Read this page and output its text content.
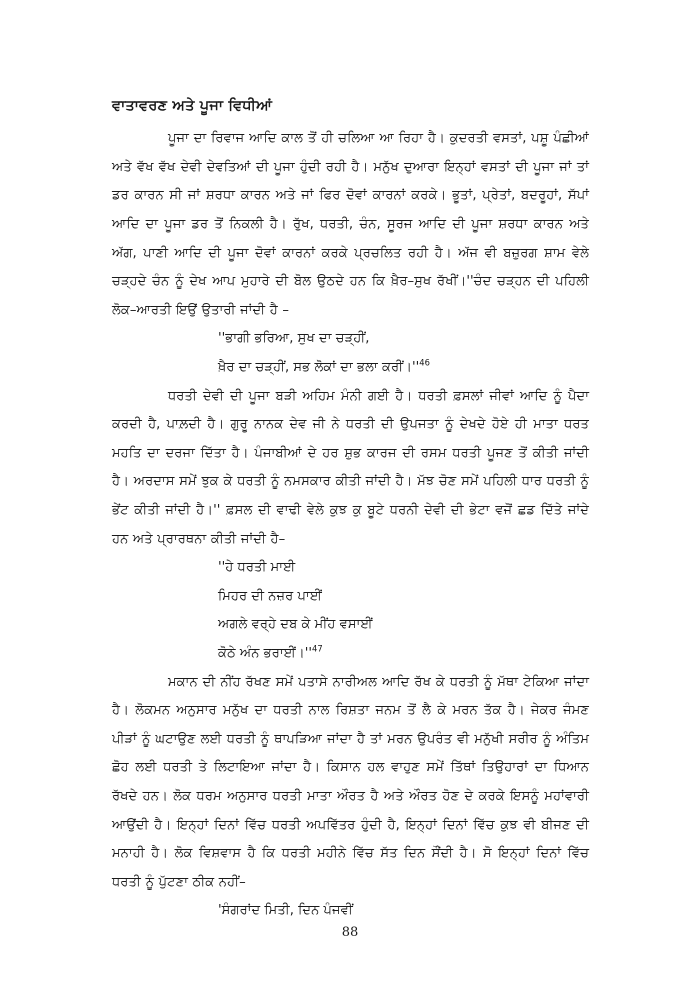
ਵਾਤਾਵਰਣ ਅਤੇ ਪੂਜਾ ਵਿਧੀਆਂ

ਪੂਜਾ ਦਾ ਰਿਵਾਜ ਆਦਿ ਕਾਲ ਤੋਂ ਹੀ ਚਲਿਆ ਆ ਰਿਹਾ ਹੈ। ਕੁਦਰਤੀ ਵਸਤਾਂ, ਪਸ਼ੂ ਪੰਛੀਆਂ ਅਤੇ ਵੱਖ ਵੱਖ ਦੇਵੀ ਦੇਵਤਿਆਂ ਦੀ ਪੂਜਾ ਹੁੰਦੀ ਰਹੀ ਹੈ। ਮਨੁੱਖ ਦੁਆਰਾ ਇਨ੍ਹਾਂ ਵਸਤਾਂ ਦੀ ਪੂਜਾ ਜਾਂ ਤਾਂ ਡਰ ਕਾਰਨ ਸੀ ਜਾਂ ਸ਼ਰਧਾ ਕਾਰਨ ਅਤੇ ਜਾਂ ਫਿਰ ਦੋਵਾਂ ਕਾਰਨਾਂ ਕਰਕੇ। ਭੂਤਾਂ, ਪ੍ਰੇਤਾਂ, ਬਦਰੂਹਾਂ, ਸੱਪਾਂ ਆਦਿ ਦਾ ਪੂਜਾ ਡਰ ਤੋਂ ਨਿਕਲੀ ਹੈ। ਰੁੱਖ, ਧਰਤੀ, ਚੰਨ, ਸੂਰਜ ਆਦਿ ਦੀ ਪੂਜਾ ਸ਼ਰਧਾ ਕਾਰਨ ਅਤੇ ਅੱਗ, ਪਾਣੀ ਆਦਿ ਦੀ ਪੂਜਾ ਦੋਵਾਂ ਕਾਰਨਾਂ ਕਰਕੇ ਪ੍ਰਚਲਿਤ ਰਹੀ ਹੈ। ਅੱਜ ਵੀ ਬਜ਼ੁਰਗ ਸ਼ਾਮ ਵੇਲੇ ਚੜ੍ਹਦੇ ਚੰਨ ਨੂੰ ਦੇਖ ਆਪ ਮੁਹਾਰੇ ਦੀ ਬੋਲ ਉਠਦੇ ਹਨ ਕਿ ਖ਼ੈਰ–ਸੁਖ ਰੱਖੀਂ।''ਚੰਦ ਚੜ੍ਹਨ ਦੀ ਪਹਿਲੀ ਲੋਕ–ਆਰਤੀ ਇਉਂ ਉਤਾਰੀ ਜਾਂਦੀ ਹੈ –

''ਭਾਗੀ ਭਰਿਆ, ਸੁਖ ਦਾ ਚੜ੍ਹੀਂ,
ਖ਼ੈਰ ਦਾ ਚੜ੍ਹੀਂ, ਸਭ ਲੋਕਾਂ ਦਾ ਭਲਾ ਕਰੀਂ।''$^{46}$

ਧਰਤੀ ਦੇਵੀ ਦੀ ਪੂਜਾ ਬੜੀ ਅਹਿਮ ਮੰਨੀ ਗਈ ਹੈ। ਧਰਤੀ ਫ਼ਸਲਾਂ ਜੀਵਾਂ ਆਦਿ ਨੂੰ ਪੈਦਾ ਕਰਦੀ ਹੈ, ਪਾਲ਼ਦੀ ਹੈ। ਗੁਰੂ ਨਾਨਕ ਦੇਵ ਜੀ ਨੇ ਧਰਤੀ ਦੀ ਉਪਜਤਾ ਨੂੰ ਦੇਖਦੇ ਹੋਏ ਹੀ ਮਾਤਾ ਧਰਤ ਮਹਤਿ ਦਾ ਦਰਜਾ ਦਿੱਤਾ ਹੈ। ਪੰਜਾਬੀਆਂ ਦੇ ਹਰ ਸ਼ੁਭ ਕਾਰਜ ਦੀ ਰਸਮ ਧਰਤੀ ਪੂਜਣ ਤੋਂ ਕੀਤੀ ਜਾਂਦੀ ਹੈ। ਅਰਦਾਸ ਸਮੇਂ ਝੁਕ ਕੇ ਧਰਤੀ ਨੂੰ ਨਮਸਕਾਰ ਕੀਤੀ ਜਾਂਦੀ ਹੈ। ਮੱਝ ਚੋਣ ਸਮੇਂ ਪਹਿਲੀ ਧਾਰ ਧਰਤੀ ਨੂੰ ਭੇਂਟ ਕੀਤੀ ਜਾਂਦੀ ਹੈ।'' ਫ਼ਸਲ ਦੀ ਵਾਢੀ ਵੇਲੇ ਕੁਝ ਕੁ ਬੂਟੇ ਧਰਨੀ ਦੇਵੀ ਦੀ ਭੇਟਾ ਵਜੋਂ ਛਡ ਦਿੱਤੇ ਜਾਂਦੇ ਹਨ ਅਤੇ ਪ੍ਰਾਰਥਨਾ ਕੀਤੀ ਜਾਂਦੀ ਹੈ–

''ਹੇ ਧਰਤੀ ਮਾਈ
ਮਿਹਰ ਦੀ ਨਜ਼ਰ ਪਾਈਂ
ਅਗਲੇ ਵਰ੍ਹੇ ਦਬ ਕੇ ਮੀਂਹ ਵਸਾਈਂ
ਕੋਠੇ ਅੰਨ ਭਰਾਈਂ।''$^{47}$

ਮਕਾਨ ਦੀ ਨੀਂਹ ਰੱਖਣ ਸਮੇਂ ਪਤਾਸੇ ਨਾਰੀਅਲ ਆਦਿ ਰੱਖ ਕੇ ਧਰਤੀ ਨੂੰ ਮੱਥਾ ਟੇਕਿਆ ਜਾਂਦਾ ਹੈ। ਲੋਕਮਨ ਅਨੁਸਾਰ ਮਨੁੱਖ ਦਾ ਧਰਤੀ ਨਾਲ ਰਿਸ਼ਤਾ ਜਨਮ ਤੋਂ ਲੈ ਕੇ ਮਰਨ ਤੱਕ ਹੈ। ਜੇਕਰ ਜੰਮਣ ਪੀੜਾਂ ਨੂੰ ਘਟਾਉਣ ਲਈ ਧਰਤੀ ਨੂੰ ਥਾਪੜਿਆ ਜਾਂਦਾ ਹੈ ਤਾਂ ਮਰਨ ਉਪਰੰਤ ਵੀ ਮਨੁੱਖੀ ਸਰੀਰ ਨੂੰ ਅੰਤਿਮ ਛੋਹ ਲਈ ਧਰਤੀ ਤੇ ਲਿਟਾਇਆ ਜਾਂਦਾ ਹੈ। ਕਿਸਾਨ ਹਲ ਵਾਹੁਣ ਸਮੇਂ ਤਿੱਥਾਂ ਤਿਉਹਾਰਾਂ ਦਾ ਧਿਆਨ ਰੱਖਦੇ ਹਨ। ਲੋਕ ਧਰਮ ਅਨੁਸਾਰ ਧਰਤੀ ਮਾਤਾ ਔਰਤ ਹੈ ਅਤੇ ਔਰਤ ਹੋਣ ਦੇ ਕਰਕੇ ਇਸਨੂੰ ਮਹਾਂਵਾਰੀ ਆਉਂਦੀ ਹੈ। ਇਨ੍ਹਾਂ ਦਿਨਾਂ ਵਿੱਚ ਧਰਤੀ ਅਪਵਿੱਤਰ ਹੁੰਦੀ ਹੈ, ਇਨ੍ਹਾਂ ਦਿਨਾਂ ਵਿੱਚ ਕੁਝ ਵੀ ਬੀਜਣ ਦੀ ਮਨਾਹੀ ਹੈ। ਲੋਕ ਵਿਸ਼ਵਾਸ ਹੈ ਕਿ ਧਰਤੀ ਮਹੀਨੇ ਵਿੱਚ ਸੱਤ ਦਿਨ ਸੌਂਦੀ ਹੈ। ਸੋ ਇਨ੍ਹਾਂ ਦਿਨਾਂ ਵਿੱਚ ਧਰਤੀ ਨੂੰ ਪੁੱਟਣਾ ਠੀਕ ਨਹੀਂ–

'ਸੰਗਰਾਂਦ ਮਿਤੀ, ਦਿਨ ਪੰਜਵੀਂ
88
